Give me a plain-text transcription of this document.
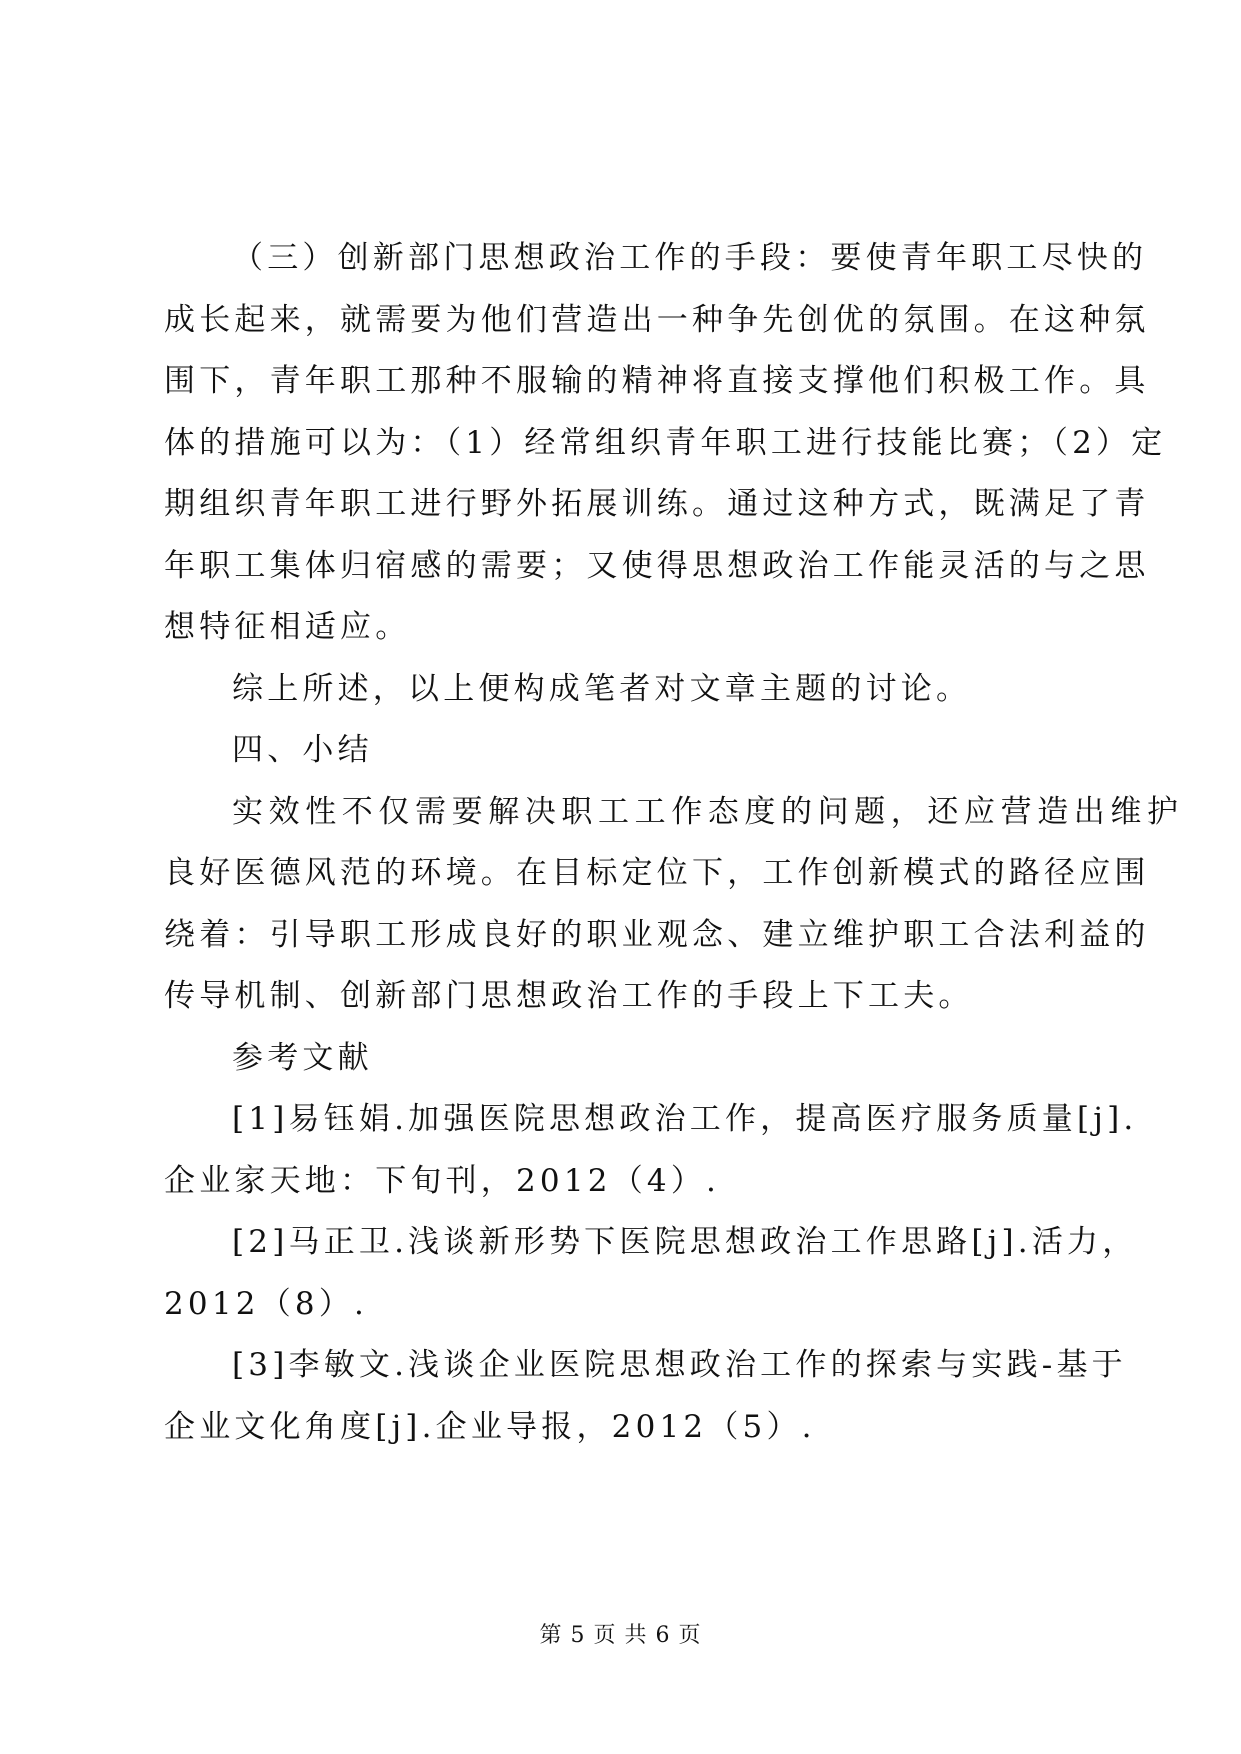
（三）创新部门思想政治工作的手段：要使青年职工尽快的
成长起来，就需要为他们营造出一种争先创优的氛围。在这种氛
围下，青年职工那种不服输的精神将直接支撑他们积极工作。具
体的措施可以为：（1）经常组织青年职工进行技能比赛；（2）定
期组织青年职工进行野外拓展训练。通过这种方式，既满足了青
年职工集体归宿感的需要；又使得思想政治工作能灵活的与之思
想特征相适应。
综上所述，以上便构成笔者对文章主题的讨论。
四、小结
实效性不仅需要解决职工工作态度的问题，还应营造出维护
良好医德风范的环境。在目标定位下，工作创新模式的路径应围
绕着：引导职工形成良好的职业观念、建立维护职工合法利益的
传导机制、创新部门思想政治工作的手段上下工夫。
参考文献
[1]易钰娟.加强医院思想政治工作，提高医疗服务质量[j].
企业家天地：下旬刊，2012（4）.
[2]马正卫.浅谈新形势下医院思想政治工作思路[j].活力，
2012（8）.
[3]李敏文.浅谈企业医院思想政治工作的探索与实践-基于
企业文化角度[j].企业导报，2012（5）.
第 5 页 共 6 页
